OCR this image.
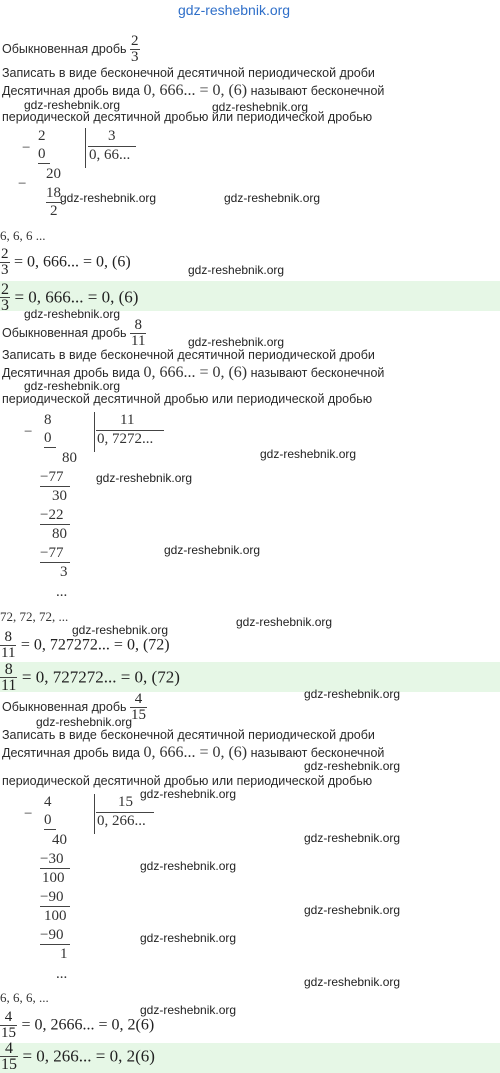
gdz-reshebnik.org
Обыкновенная дробь $\frac{2}{3}$
Записать в виде бесконечной десятичной периодической дроби
Десятичная дробь вида 0, 666... = 0, (6) называют бесконечной
gdz-reshebnik.org	gdz-reshebnik.org
периодической десятичной дробью или периодической дробью
−
2
0
3
0, 66...
−
20
18
2
gdz-reshebnik.org	gdz-reshebnik.org
6, 6, 6 ...
$\frac{2}{3} = 0$, 666... = 0, (6)	gdz-reshebnik.org
$\frac{2}{3} = 0$, 666... = 0, (6)
gdz-reshebnik.org
Обыкновенная дробь $\frac{8}{11}$	gdz-reshebnik.org
Записать в виде бесконечной десятичной периодической дроби
Десятичная дробь вида 0, 666... = 0, (6) называют бесконечной
gdz-reshebnik.org
периодической десятичной дробью или периодической дробью
−
8
0
11
0, 7272...
80
−77
30
−22
80
−77
3
...
gdz-reshebnik.org
gdz-reshebnik.org
gdz-reshebnik.org
72, 72, 72, ...	gdz-reshebnik.org
gdz-reshebnik.org
$\frac{8}{11} = 0$, 727272... = 0, (72)
$\frac{8}{11} = 0$, 727272... = 0, (72)
gdz-reshebnik.org
Обыкновенная дробь $\frac{4}{15}$
gdz-reshebnik.org
Записать в виде бесконечной десятичной периодической дроби
Десятичная дробь вида 0, 666... = 0, (6) называют бесконечной
gdz-reshebnik.org
периодической десятичной дробью или периодической дробью
gdz-reshebnik.org
−
4
0
15
0, 266...
40
−30
100
−90
100
−90
1
...
gdz-reshebnik.org
gdz-reshebnik.org
gdz-reshebnik.org
gdz-reshebnik.org
gdz-reshebnik.org
6, 6, 6, ...
gdz-reshebnik.org
$\frac{4}{15} = 0$, 2666... = 0, 2(6)
$\frac{4}{15} = 0$, 266... = 0, 2(6)
